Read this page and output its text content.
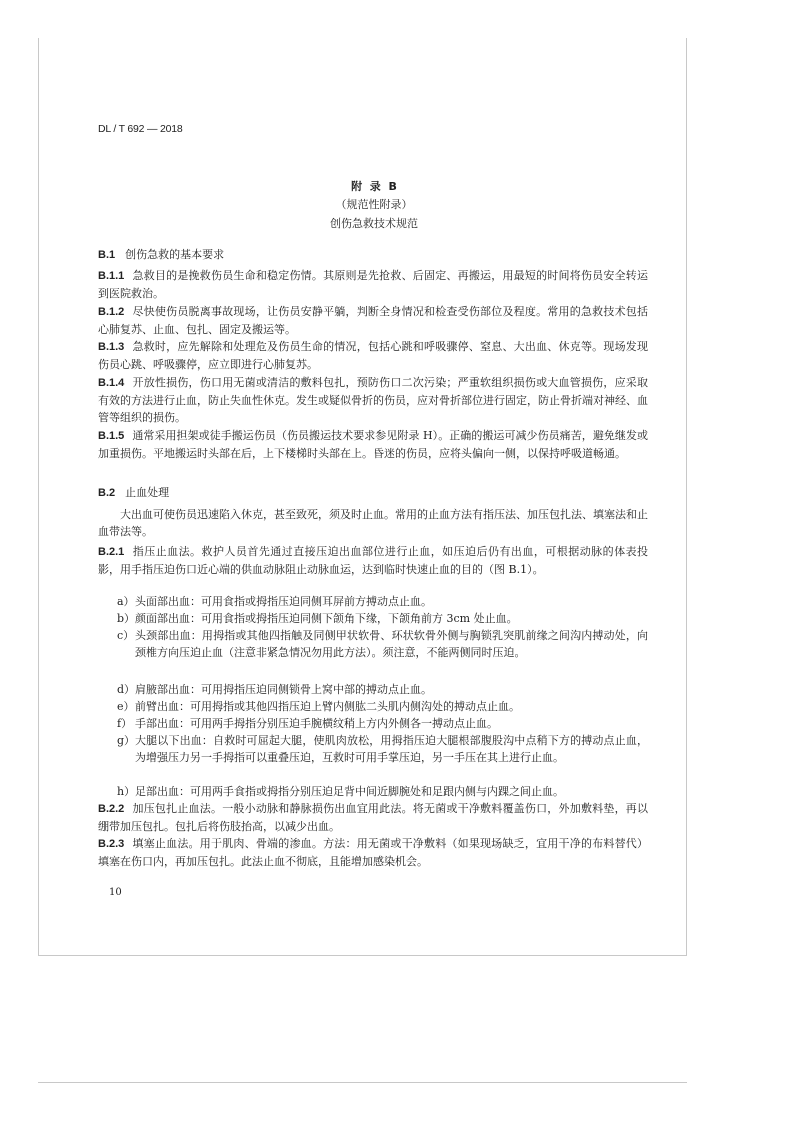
DL / T 692 — 2018
附  录  B
（规范性附录）
创伤急救技术规范
B.1 创伤急救的基本要求
B.1.1 急救目的是挽救伤员生命和稳定伤情。其原则是先抢救、后固定、再搬运，用最短的时间将伤员安全转运到医院救治。
B.1.2 尽快使伤员脱离事故现场，让伤员安静平躺，判断全身情况和检查受伤部位及程度。常用的急救技术包括心肺复苏、止血、包扎、固定及搬运等。
B.1.3 急救时，应先解除和处理危及伤员生命的情况，包括心跳和呼吸骤停、窒息、大出血、休克等。现场发现伤员心跳、呼吸骤停，应立即进行心肺复苏。
B.1.4 开放性损伤，伤口用无菌或清洁的敷料包扎，预防伤口二次污染；严重软组织损伤或大血管损伤，应采取有效的方法进行止血，防止失血性休克。发生或疑似骨折的伤员，应对骨折部位进行固定，防止骨折端对神经、血管等组织的损伤。
B.1.5 通常采用担架或徒手搬运伤员（伤员搬运技术要求参见附录 H）。正确的搬运可减少伤员痛苦，避免继发或加重损伤。平地搬运时头部在后，上下楼梯时头部在上。昏迷的伤员，应将头偏向一侧，以保持呼吸道畅通。
B.2 止血处理
大出血可使伤员迅速陷入休克，甚至致死，须及时止血。常用的止血方法有指压法、加压包扎法、填塞法和止血带法等。
B.2.1 指压止血法。救护人员首先通过直接压迫出血部位进行止血，如压迫后仍有出血，可根据动脉的体表投影，用手指压迫伤口近心端的供血动脉阻止动脉血运，达到临时快速止血的目的（图 B.1）。
a） 头面部出血：可用食指或拇指压迫同侧耳屏前方搏动点止血。
b） 颜面部出血：可用食指或拇指压迫同侧下颌角下缘，下颌角前方 3cm 处止血。
c） 头颈部出血：用拇指或其他四指触及同侧甲状软骨、环状软骨外侧与胸锁乳突肌前缘之间沟内搏动处，向颈椎方向压迫止血（注意非紧急情况勿用此方法）。须注意，不能两侧同时压迫。
d） 肩腋部出血：可用拇指压迫同侧锁骨上窝中部的搏动点止血。
e） 前臂出血：可用拇指或其他四指压迫上臂内侧肱二头肌内侧沟处的搏动点止血。
f） 手部出血：可用两手拇指分别压迫手腕横纹稍上方内外侧各一搏动点止血。
g） 大腿以下出血：自救时可屈起大腿，使肌肉放松，用拇指压迫大腿根部腹股沟中点稍下方的搏动点止血，为增强压力另一手拇指可以重叠压迫，互救时可用手掌压迫，另一手压在其上进行止血。
h） 足部出血：可用两手食指或拇指分别压迫足背中间近脚腕处和足跟内侧与内踝之间止血。
B.2.2 加压包扎止血法。一般小动脉和静脉损伤出血宜用此法。将无菌或干净敷料覆盖伤口，外加敷料垫，再以绷带加压包扎。包扎后将伤肢抬高，以减少出血。
B.2.3 填塞止血法。用于肌肉、骨端的渗血。方法：用无菌或干净敷料（如果现场缺乏，宜用干净的布料替代）填塞在伤口内，再加压包扎。此法止血不彻底，且能增加感染机会。
10
